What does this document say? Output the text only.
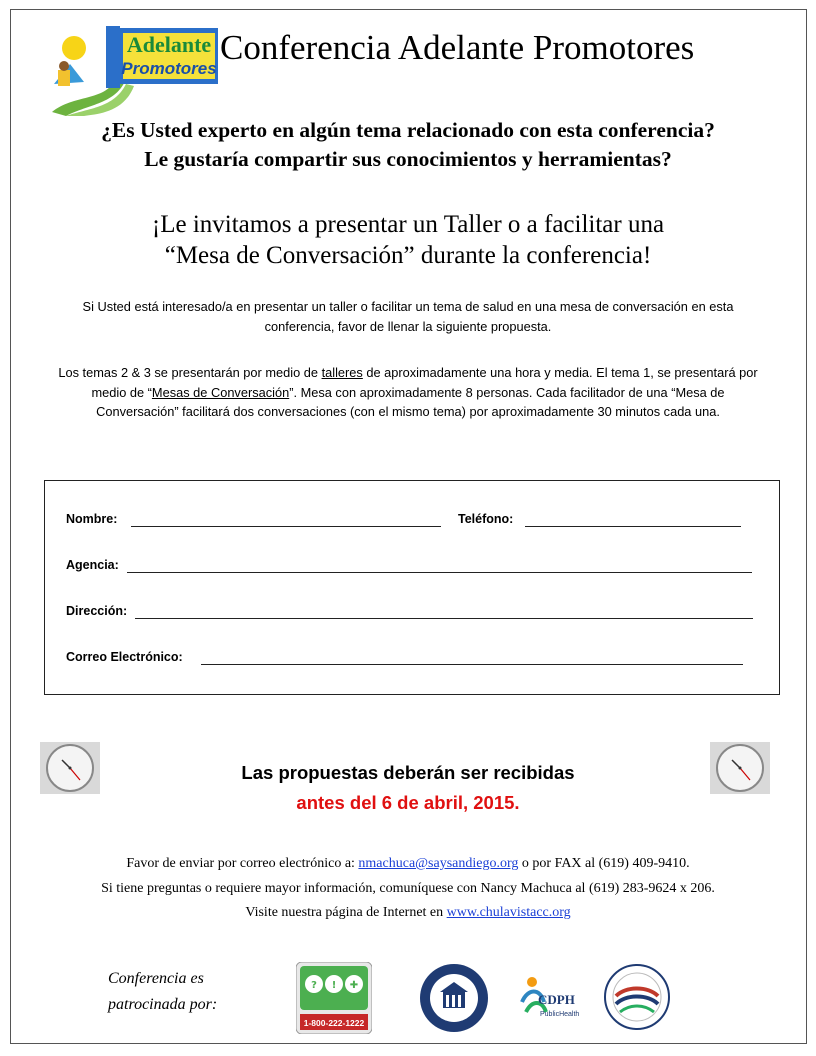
Adelante
Promotores
Conferencia Adelante Promotores
¿Es Usted experto en algún tema relacionado con esta conferencia?
Le gustaría compartir sus conocimientos y herramientas?
¡Le invitamos a presentar un Taller o a facilitar una
“Mesa de Conversación” durante la conferencia!

Si Usted está interesado/a en presentar un taller o facilitar un tema de salud en una mesa de conversación en esta conferencia, favor de llenar la siguiente propuesta.

Los temas 2 & 3 se presentarán por medio de talleres de aproximadamente una hora y media. El tema 1, se presentará por medio de “Mesas de Conversación”. Mesa con aproximadamente 8 personas. Cada facilitador de una “Mesa de Conversación” facilitará dos conversaciones (con el mismo tema) por aproximadamente 30 minutos cada una.

Nombre:	Teléfono:
Agencia:
Dirección:
Correo Electrónico:
Las propuestas deberán ser recibidas
antes del 6 de abril, 2015.
Favor de enviar por correo electrónico a: nmachuca@saysandiego.org o por FAX al (619) 409-9410.
Si tiene preguntas o requiere mayor información, comuníquese con Nancy Machuca al (619) 283-9624 x 206.
Visite nuestra página de Internet en www.chulavistacc.org
Conferencia es
patrocinada por:
? ! ✚
1-800-222-1222
CDPH
PublicHealth
